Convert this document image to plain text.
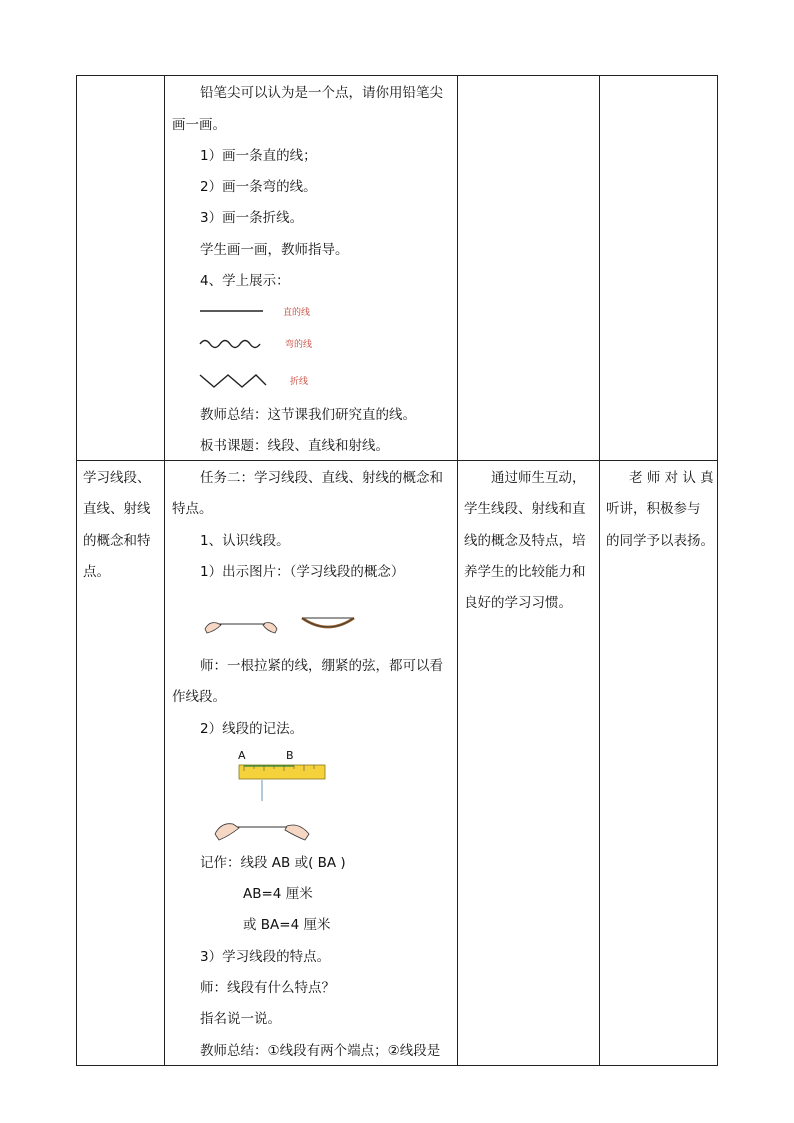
铅笔尖可以认为是一个点，请你用铅笔尖
画一画。
1）画一条直的线；
2）画一条弯的线。
3）画一条折线。
学生画一画，教师指导。
4、学上展示：
直的线
弯的线
折线
教师总结：这节课我们研究直的线。
板书课题：线段、直线和射线。
学习线段、
直线、射线
的概念和特
点。
任务二：学习线段、直线、射线的概念和
特点。
1、认识线段。
1）出示图片：（学习线段的概念）
师：一根拉紧的线，绷紧的弦，都可以看
作线段。
2）线段的记法。
A	B
记作：线段 AB 或( BA )
AB=4 厘米
或 BA=4 厘米
3）学习线段的特点。
师：线段有什么特点？
指名说一说。
教师总结：①线段有两个端点；②线段是
通过师生互动，
学生线段、射线和直
线的概念及特点，培
养学生的比较能力和
良好的学习习惯。
老 师 对 认 真
听讲，积极参与
的同学予以表扬。
